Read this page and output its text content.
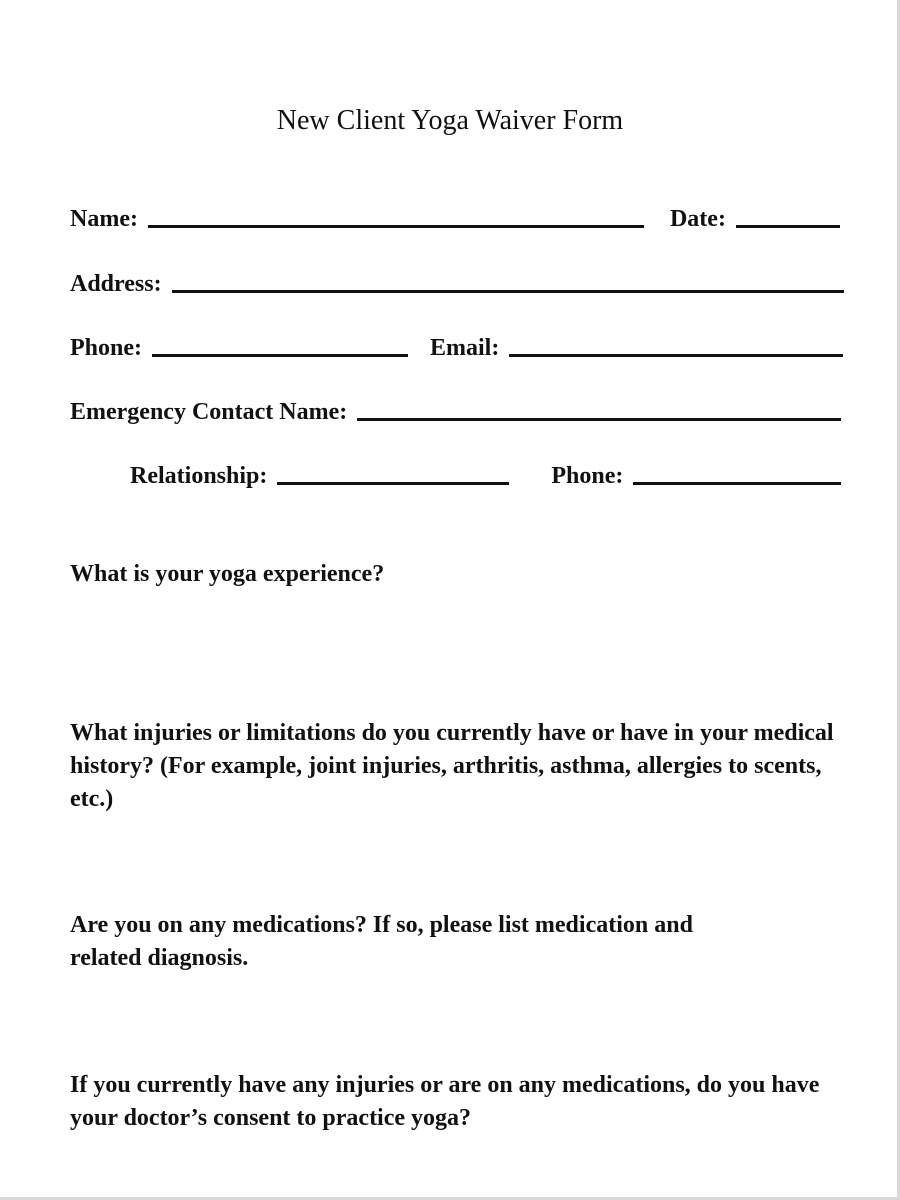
New Client Yoga Waiver Form
Name:	Date:
Address:
Phone:	Email:
Emergency Contact Name:
Relationship:	Phone:
What is your yoga experience?
What injuries or limitations do you currently have or have in your medical history? (For example, joint injuries, arthritis, asthma, allergies to scents, etc.)
Are you on any medications? If so, please list medication and related diagnosis.
If you currently have any injuries or are on any medications, do you have your doctor’s consent to practice yoga?
